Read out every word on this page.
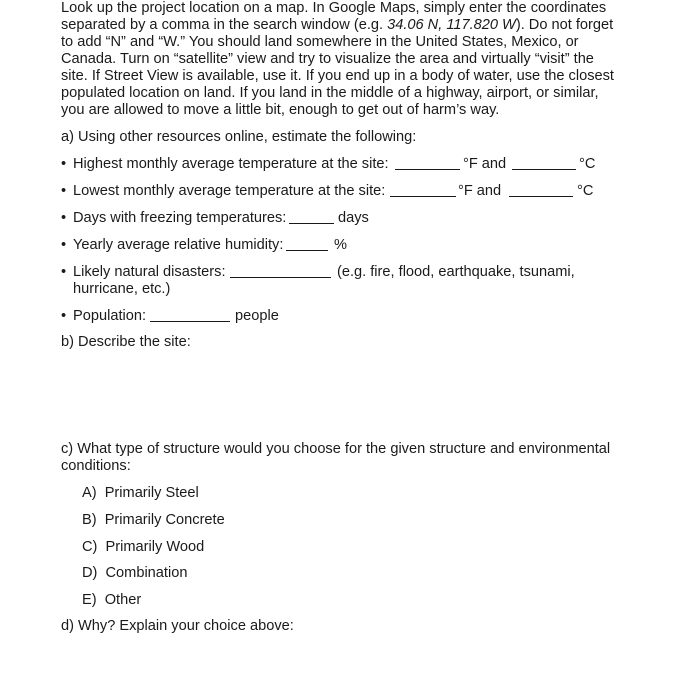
Look up the project location on a map. In Google Maps, simply enter the coordinates
separated by a comma in the search window (e.g. 34.06 N, 117.820 W). Do not forget
to add “N” and “W.” You should land somewhere in the United States, Mexico, or
Canada. Turn on “satellite” view and try to visualize the area and virtually “visit” the
site. If Street View is available, use it. If you end up in a body of water, use the closest
populated location on land. If you land in the middle of a highway, airport, or similar,
you are allowed to move a little bit, enough to get out of harm’s way.
a) Using other resources online, estimate the following:
• Highest monthly average temperature at the site:	°F and	°C
• Lowest monthly average temperature at the site:	°F and	°C
• Days with freezing temperatures:	days
• Yearly average relative humidity:	%
• Likely natural disasters:	(e.g. fire, flood, earthquake, tsunami,
hurricane, etc.)
• Population:	people
b) Describe the site:
c) What type of structure would you choose for the given structure and environmental
conditions:
A) Primarily Steel
B) Primarily Concrete
C) Primarily Wood
D) Combination
E) Other
d) Why? Explain your choice above:
